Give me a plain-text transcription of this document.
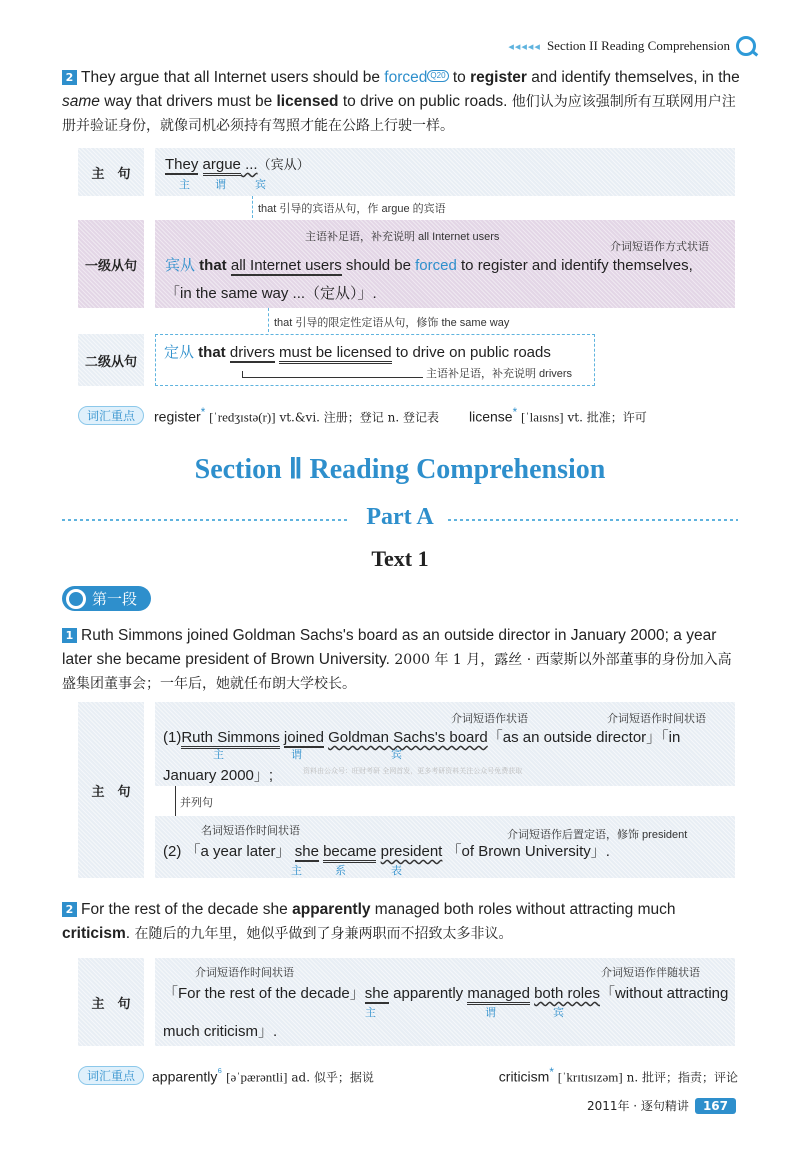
◂◂◂◂◂ Section II Reading Comprehension
2 They argue that all Internet users should be forced Q20 to register and identify themselves, in the same way that drivers must be licensed to drive on public roads. 他们认为应该强制所有互联网用户注册并验证身份，就像司机必须持有驾照才能在公路上行驶一样。
主　句
They argue ...（宾从）
主 谓	宾
that 引导的宾语从句，作 argue 的宾语
一级从句
主语补足语，补充说明 all Internet users
介词短语作方式状语
宾从 that all Internet users should be forced to register and identify themselves,
「in the same way ...（定从）」.
that 引导的限定性定语从句，修饰 the same way
二级从句
定从 that drivers must be licensed to drive on public roads
主语补足语，补充说明 drivers
词汇重点	register* [ˈredʒɪstə(r)] vt.&vi. 注册；登记 n. 登记表 license* [ˈlaɪsns] vt. 批准；许可
Section Ⅱ Reading Comprehension
Part A
Text 1
第一段
1 Ruth Simmons joined Goldman Sachs's board as an outside director in January 2000; a year later she became president of Brown University. 2000 年 1 月，露丝 · 西蒙斯以外部董事的身份加入高盛集团董事会；一年后，她就任布朗大学校长。
主　句
介词短语作状语	介词短语作时间状语
(1)Ruth Simmons joined Goldman Sachs's board「as an outside director」「in
主	谓	宾
January 2000」;	资料由公众号：旺财考研 全网首发，更多考研资料关注公众号免费获取
并列句
名词短语作时间状语	介词短语作后置定语，修饰 president
(2) 「a year later」 she became president 「of Brown University」.
主	系	表
2 For the rest of the decade she apparently managed both roles without attracting much criticism. 在随后的九年里，她似乎做到了身兼两职而不招致太多非议。
主　句
介词短语作时间状语	介词短语作伴随状语
「For the rest of the decade」she apparently managed both roles「without attracting
主	谓	宾
much criticism」.
词汇重点	apparently$^{^6}$ [əˈpærəntli] ad. 似乎；据说	criticism* [ˈkrɪtɪsɪzəm] n. 批评；指责；评论
2011年 · 逐句精讲	167
